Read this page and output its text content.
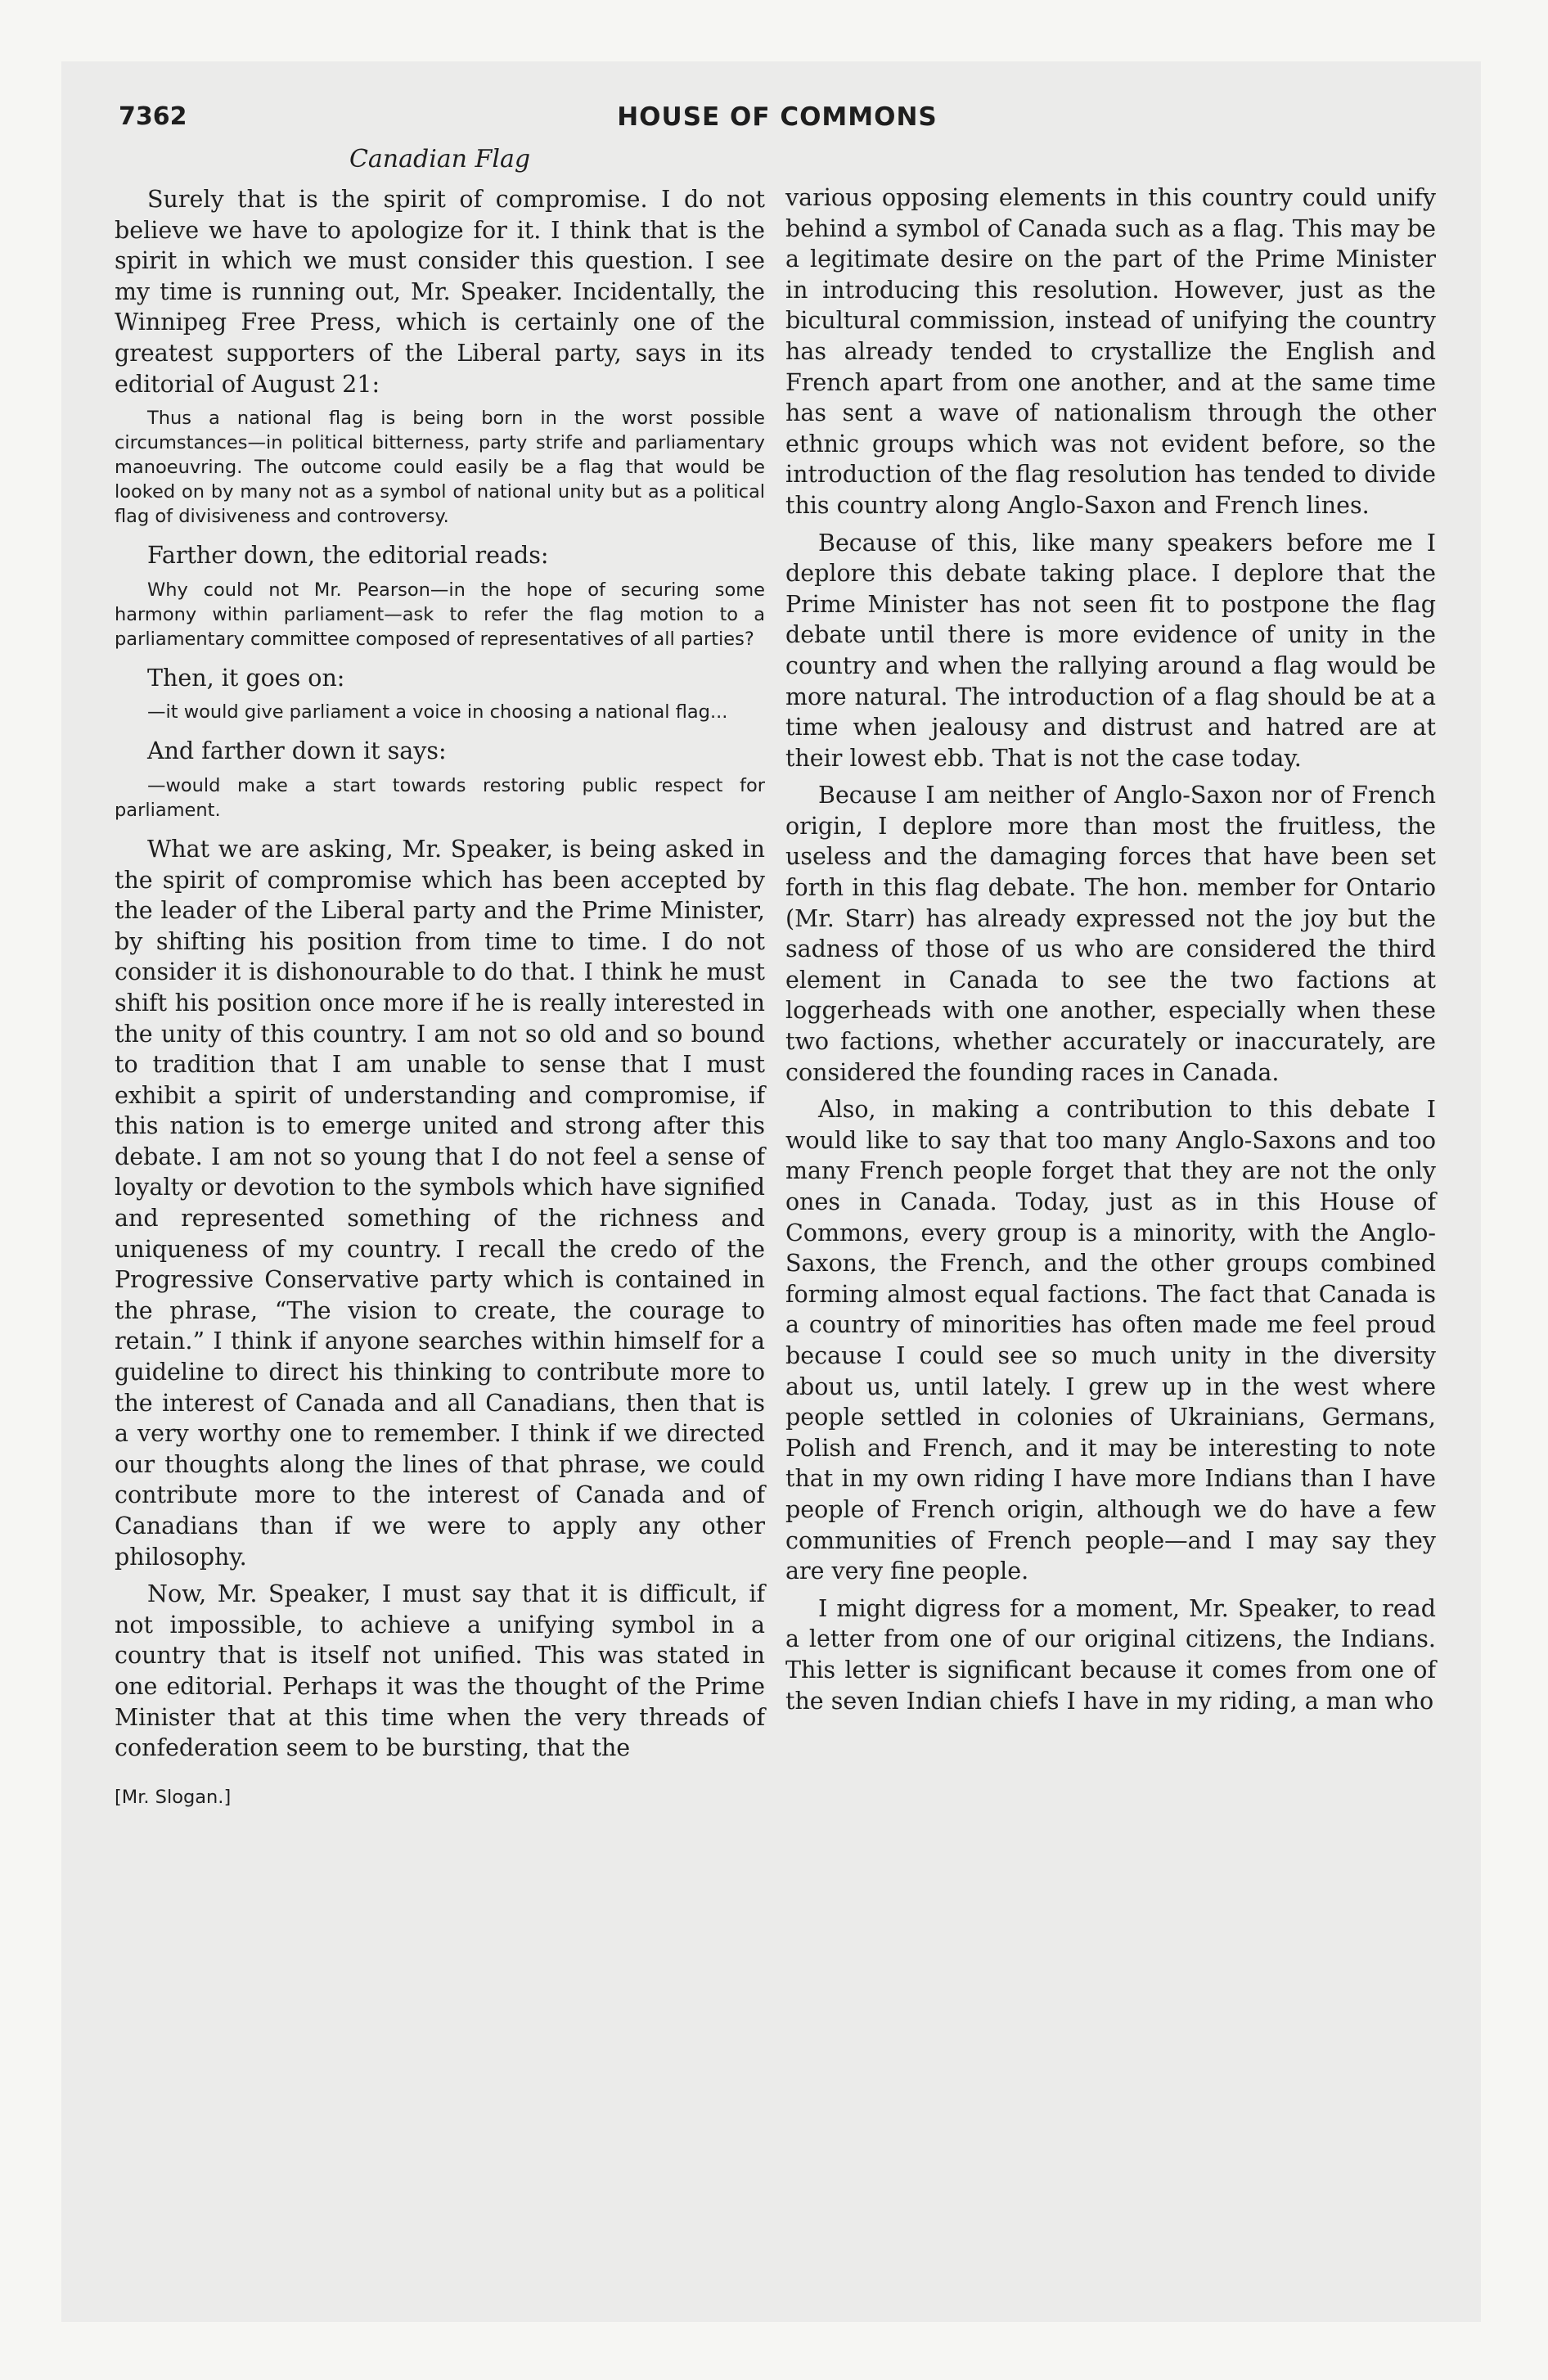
7362	HOUSE OF COMMONS
Canadian Flag

Surely that is the spirit of compromise. I do not believe we have to apologize for it. I think that is the spirit in which we must consider this question. I see my time is running out, Mr. Speaker. Incidentally, the Winnipeg Free Press, which is certainly one of the greatest supporters of the Liberal party, says in its editorial of August 21:

Thus a national flag is being born in the worst possible circumstances—in political bitterness, party strife and parliamentary manoeuvring. The outcome could easily be a flag that would be looked on by many not as a symbol of national unity but as a political flag of divisiveness and controversy.

Farther down, the editorial reads:

Why could not Mr. Pearson—in the hope of securing some harmony within parliament—ask to refer the flag motion to a parliamentary committee composed of representatives of all parties?

Then, it goes on:

—it would give parliament a voice in choosing a national flag...

And farther down it says:

—would make a start towards restoring public respect for parliament.

What we are asking, Mr. Speaker, is being asked in the spirit of compromise which has been accepted by the leader of the Liberal party and the Prime Minister, by shifting his position from time to time. I do not consider it is dishonourable to do that. I think he must shift his position once more if he is really interested in the unity of this country. I am not so old and so bound to tradition that I am unable to sense that I must exhibit a spirit of understanding and compromise, if this nation is to emerge united and strong after this debate. I am not so young that I do not feel a sense of loyalty or devotion to the symbols which have signified and represented something of the richness and uniqueness of my country. I recall the credo of the Progressive Conservative party which is contained in the phrase, “The vision to create, the courage to retain.” I think if anyone searches within himself for a guideline to direct his thinking to contribute more to the interest of Canada and all Canadians, then that is a very worthy one to remember. I think if we directed our thoughts along the lines of that phrase, we could contribute more to the interest of Canada and of Canadians than if we were to apply any other philosophy.

Now, Mr. Speaker, I must say that it is difficult, if not impossible, to achieve a unifying symbol in a country that is itself not unified. This was stated in one editorial. Perhaps it was the thought of the Prime Minister that at this time when the very threads of confederation seem to be bursting, that the

[Mr. Slogan.]

various opposing elements in this country could unify behind a symbol of Canada such as a flag. This may be a legitimate desire on the part of the Prime Minister in introducing this resolution. However, just as the bicultural commission, instead of unifying the country has already tended to crystallize the English and French apart from one another, and at the same time has sent a wave of nationalism through the other ethnic groups which was not evident before, so the introduction of the flag resolution has tended to divide this country along Anglo-Saxon and French lines.

Because of this, like many speakers before me I deplore this debate taking place. I deplore that the Prime Minister has not seen fit to postpone the flag debate until there is more evidence of unity in the country and when the rallying around a flag would be more natural. The introduction of a flag should be at a time when jealousy and distrust and hatred are at their lowest ebb. That is not the case today.

Because I am neither of Anglo-Saxon nor of French origin, I deplore more than most the fruitless, the useless and the damaging forces that have been set forth in this flag debate. The hon. member for Ontario (Mr. Starr) has already expressed not the joy but the sadness of those of us who are considered the third element in Canada to see the two factions at loggerheads with one another, especially when these two factions, whether accurately or inaccurately, are considered the founding races in Canada.

Also, in making a contribution to this debate I would like to say that too many Anglo-Saxons and too many French people forget that they are not the only ones in Canada. Today, just as in this House of Commons, every group is a minority, with the Anglo-Saxons, the French, and the other groups combined forming almost equal factions. The fact that Canada is a country of minorities has often made me feel proud because I could see so much unity in the diversity about us, until lately. I grew up in the west where people settled in colonies of Ukrainians, Germans, Polish and French, and it may be interesting to note that in my own riding I have more Indians than I have people of French origin, although we do have a few communities of French people—and I may say they are very fine people.

I might digress for a moment, Mr. Speaker, to read a letter from one of our original citizens, the Indians. This letter is significant because it comes from one of the seven Indian chiefs I have in my riding, a man who
